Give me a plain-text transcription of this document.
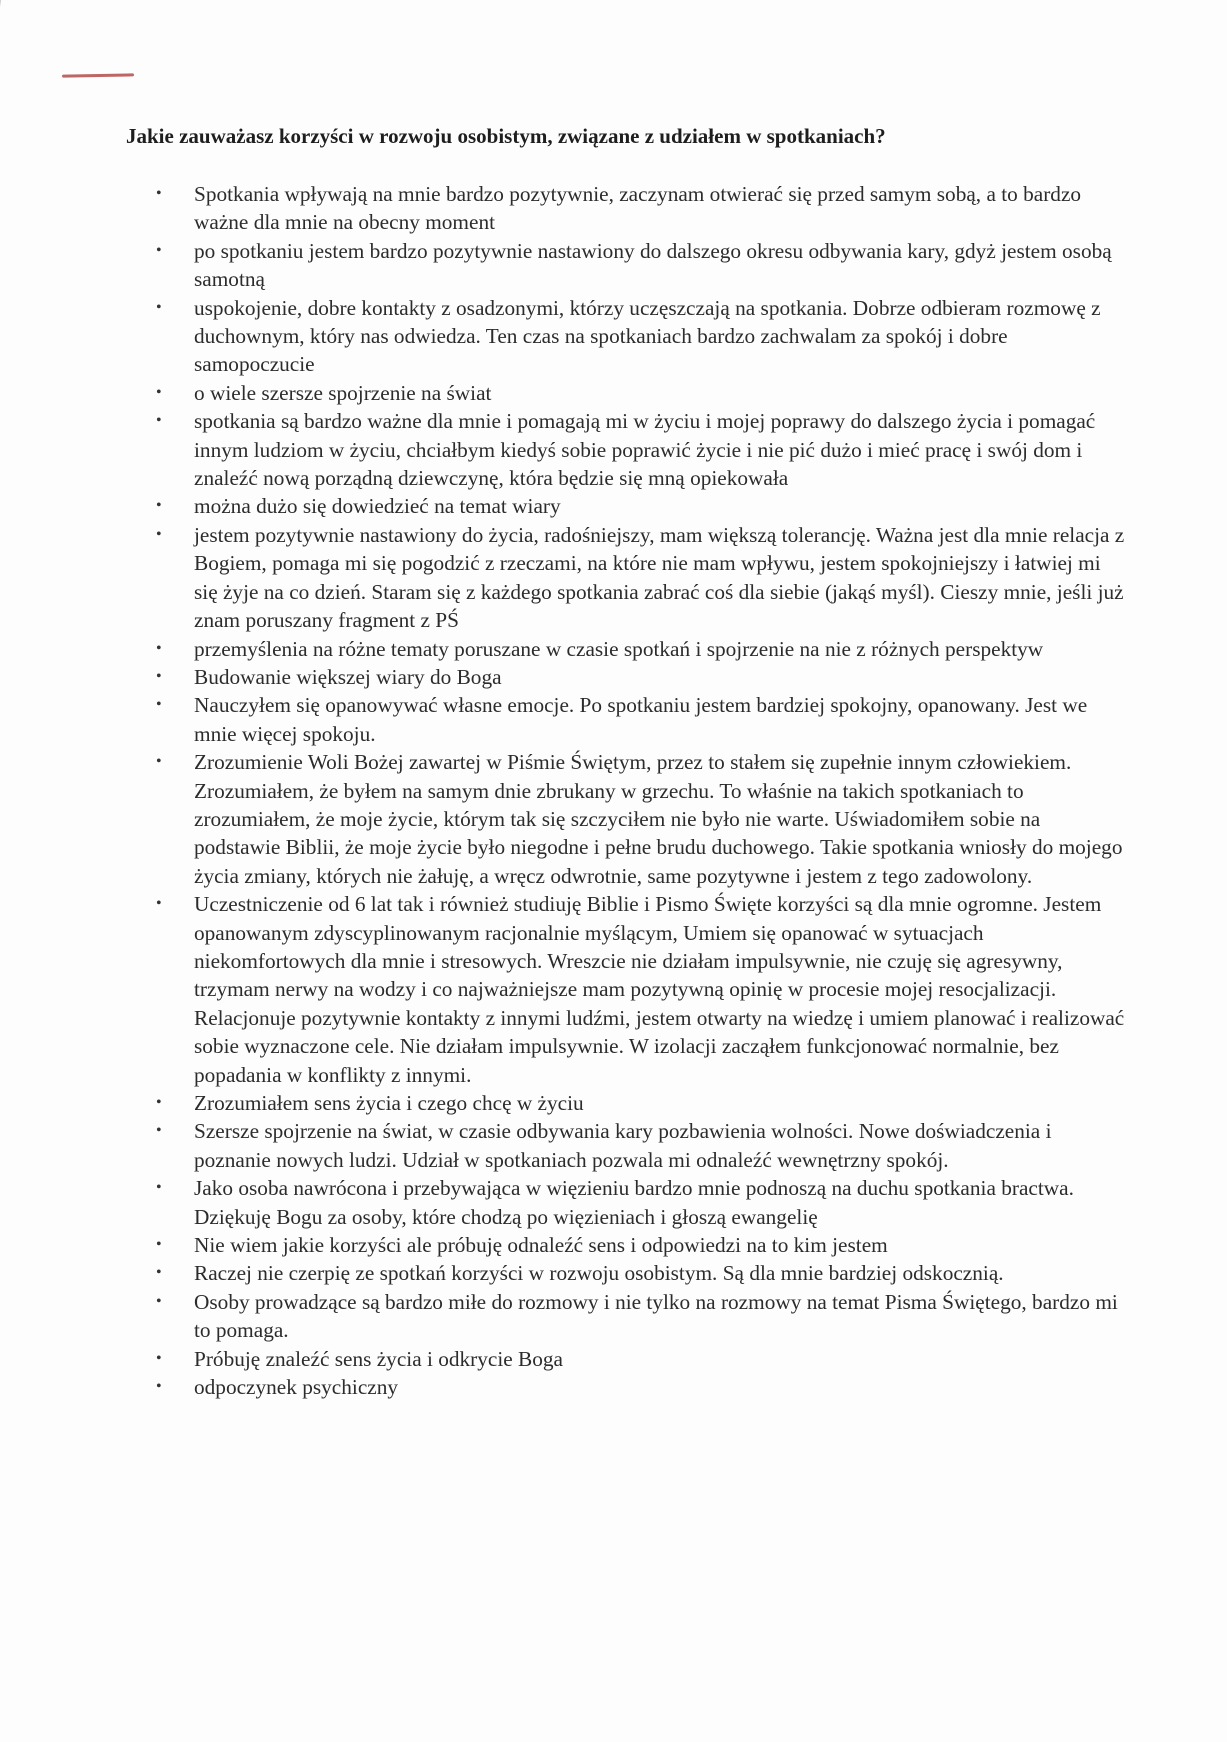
Jakie zauważasz korzyści w rozwoju osobistym, związane z udziałem w spotkaniach?
• Spotkania wpływają na mnie bardzo pozytywnie, zaczynam otwierać się przed samym sobą, a to bardzo ważne dla mnie na obecny moment
• po spotkaniu jestem bardzo pozytywnie nastawiony do dalszego okresu odbywania kary, gdyż jestem osobą samotną
• uspokojenie, dobre kontakty z osadzonymi, którzy uczęszczają na spotkania. Dobrze odbieram rozmowę z duchownym, który nas odwiedza. Ten czas na spotkaniach bardzo zachwalam za spokój i dobre samopoczucie
• o wiele szersze spojrzenie na świat
• spotkania są bardzo ważne dla mnie i pomagają mi w życiu i mojej poprawy do dalszego życia i pomagać innym ludziom w życiu, chciałbym kiedyś sobie poprawić życie i nie pić dużo i mieć pracę i swój dom i znaleźć nową porządną dziewczynę, która będzie się mną opiekowała
• można dużo się dowiedzieć na temat wiary
• jestem pozytywnie nastawiony do życia, radośniejszy, mam większą tolerancję. Ważna jest dla mnie relacja z Bogiem, pomaga mi się pogodzić z rzeczami, na które nie mam wpływu, jestem spokojniejszy i łatwiej mi się żyje na co dzień. Staram się z każdego spotkania zabrać coś dla siebie (jakąś myśl). Cieszy mnie, jeśli już znam poruszany fragment z PŚ
• przemyślenia na różne tematy poruszane w czasie spotkań i spojrzenie na nie z różnych perspektyw
• Budowanie większej wiary do Boga
• Nauczyłem się opanowywać własne emocje. Po spotkaniu jestem bardziej spokojny, opanowany. Jest we mnie więcej spokoju.
• Zrozumienie Woli Bożej zawartej w Piśmie Świętym, przez to stałem się zupełnie innym człowiekiem. Zrozumiałem, że byłem na samym dnie zbrukany w grzechu. To właśnie na takich spotkaniach to zrozumiałem, że moje życie, którym tak się szczyciłem nie było nie warte. Uświadomiłem sobie na podstawie Biblii, że moje życie było niegodne i pełne brudu duchowego. Takie spotkania wniosły do mojego życia zmiany, których nie żałuję, a wręcz odwrotnie, same pozytywne i jestem z tego zadowolony.
• Uczestniczenie od 6 lat tak i również studiuję Biblie i Pismo Święte korzyści są dla mnie ogromne. Jestem opanowanym zdyscyplinowanym racjonalnie myślącym, Umiem się opanować w sytuacjach niekomfortowych dla mnie i stresowych. Wreszcie nie działam impulsywnie, nie czuję się agresywny, trzymam nerwy na wodzy i co najważniejsze mam pozytywną opinię w procesie mojej resocjalizacji. Relacjonuje pozytywnie kontakty z innymi ludźmi, jestem otwarty na wiedzę i umiem planować i realizować sobie wyznaczone cele. Nie działam impulsywnie. W izolacji zacząłem funkcjonować normalnie, bez popadania w konflikty z innymi.
• Zrozumiałem sens życia i czego chcę w życiu
• Szersze spojrzenie na świat, w czasie odbywania kary pozbawienia wolności. Nowe doświadczenia i poznanie nowych ludzi. Udział w spotkaniach pozwala mi odnaleźć wewnętrzny spokój.
• Jako osoba nawrócona i przebywająca w więzieniu bardzo mnie podnoszą na duchu spotkania bractwa. Dziękuję Bogu za osoby, które chodzą po więzieniach i głoszą ewangelię
• Nie wiem jakie korzyści ale próbuję odnaleźć sens i odpowiedzi na to kim jestem
• Raczej nie czerpię ze spotkań korzyści w rozwoju osobistym. Są dla mnie bardziej odskocznią.
• Osoby prowadzące są bardzo miłe do rozmowy i nie tylko na rozmowy na temat Pisma Świętego, bardzo mi to pomaga.
• Próbuję znaleźć sens życia i odkrycie Boga
• odpoczynek psychiczny
